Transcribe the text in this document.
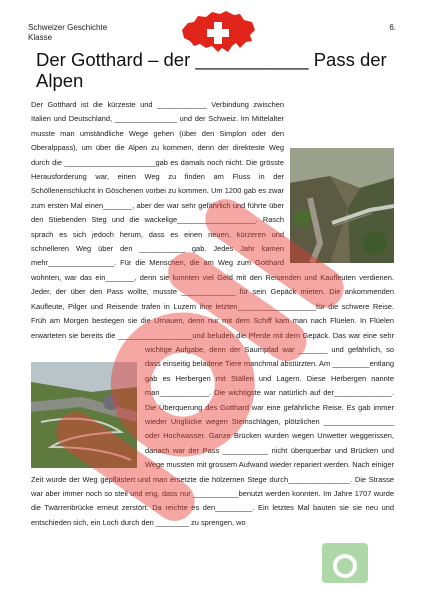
Schweizer Geschichte
Klasse
6.
Der Gotthard – der ___________ Pass der Alpen

Der Gotthard ist die kürzeste und ____________ Verbindung zwischen Italien und Deutschland, _______________ und der Schweiz. Im Mittelalter musste man umständliche Wege gehen (über den Simplon oder den Oberalppass), um über die Alpen zu kommen, denn der direkteste Weg durch die ______________________gab es damals noch nicht. Die grösste Herausforderung war, einen Weg zu finden am Fluss in der Schöllenenschlucht in Göschenen vorbei zu kommen. Um 1200 gab es zwar zum ersten Mal einen_______, aber der war sehr gefährlich und führte über den Stiebenden Steg und die wackelige___________________. Rasch sprach es sich jedoch herum, dass es einen neuen, kürzeren und schnelleren Weg über den ___________ gab. Jedes Jahr kamen mehr________________. Für die Menschen, die am Weg zum Gotthard wohnten, war das ein_______, denn sie konnten viel Geld mit den Reisenden und Kaufleuten verdienen. Jeder, der über den Pass wollte, musste _____________ für sein Gepäck mieten. Die ankommenden Kaufleute, Pilger und Reisende trafen in Luzern ihre letzten___________________für die schwere Reise. Früh am Morgen bestiegen sie die Urnauen, denn nur mit dem Schiff kam man nach Flüelen. In Flüelen erwarteten sie bereits die __________________und beluden die Pferde mit dem Gepäck. Das war eine sehr wichtige Aufgabe, denn der Saumpfad war _______ und
gefährlich, so dass einseitig beladene Tiere manchmal abstürzten. Am _________entlang gab es Herbergen mit Ställen und Lagern. Diese Herbergen nannte man____________. Die wichtigste war natürlich auf der______________. Die Überquerung des Gotthard war eine gefährliche Reise. Es gab immer wieder Unglücke wegen Steinschlägen, plötzlichen _________________ oder Hochwasser. Ganze Brücken wurden wegen Unwetter weggerissen, danach war der Pass ___________ nicht überquerbar und Brücken und Wege mussten mit grossem Aufwand wieder repariert werden. Nach einiger Zeit wurde der Weg gepflästert und man ersetzte die hölzernen Stege durch_______________. Die Strasse war aber immer noch so steil und eng, dass nur ___________benutzt werden konnten. Im Jahre 1707 wurde die Twärrenbrücke erneut zerstört. Da reichte es den_________. Ein letztes Mal bauten sie sie neu und entschieden sich, ein Loch durch den ________ zu sprengen, wo
